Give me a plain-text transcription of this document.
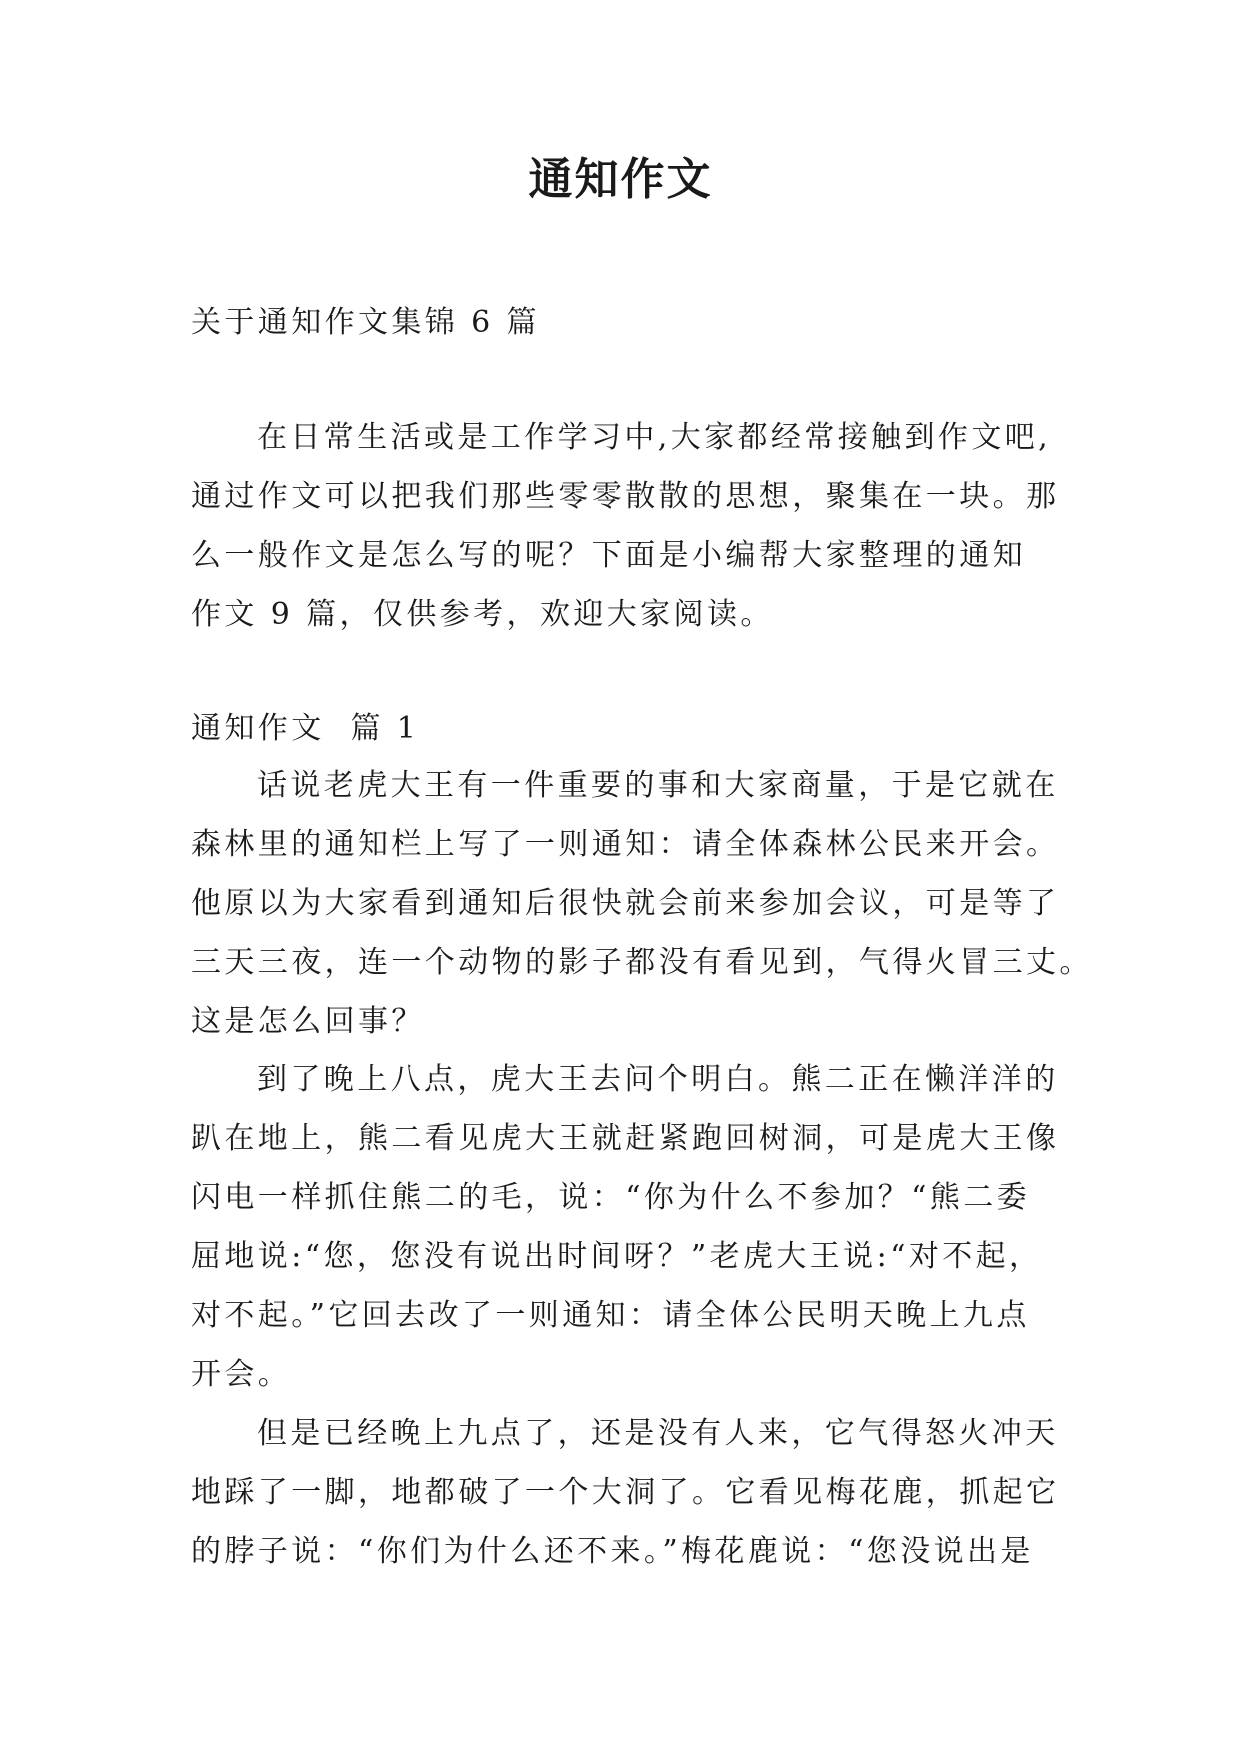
通知作文

关于通知作文集锦 6 篇

在日常生活或是工作学习中,大家都经常接触到作文吧,
通过作文可以把我们那些零零散散的思想，聚集在一块。那
么一般作文是怎么写的呢？下面是小编帮大家整理的通知
作文 9 篇，仅供参考，欢迎大家阅读。

通知作文  篇 1

话说老虎大王有一件重要的事和大家商量，于是它就在
森林里的通知栏上写了一则通知：请全体森林公民来开会。
他原以为大家看到通知后很快就会前来参加会议，可是等了
三天三夜，连一个动物的影子都没有看见到，气得火冒三丈。
这是怎么回事？
到了晚上八点，虎大王去问个明白。熊二正在懒洋洋的
趴在地上，熊二看见虎大王就赶紧跑回树洞，可是虎大王像
闪电一样抓住熊二的毛，说：“你为什么不参加？“熊二委
屈地说:“您，您没有说出时间呀？”老虎大王说:“对不起，
对不起。”它回去改了一则通知：请全体公民明天晚上九点
开会。
但是已经晚上九点了，还是没有人来，它气得怒火冲天
地踩了一脚，地都破了一个大洞了。它看见梅花鹿，抓起它
的脖子说：“你们为什么还不来。”梅花鹿说：“您没说出是
